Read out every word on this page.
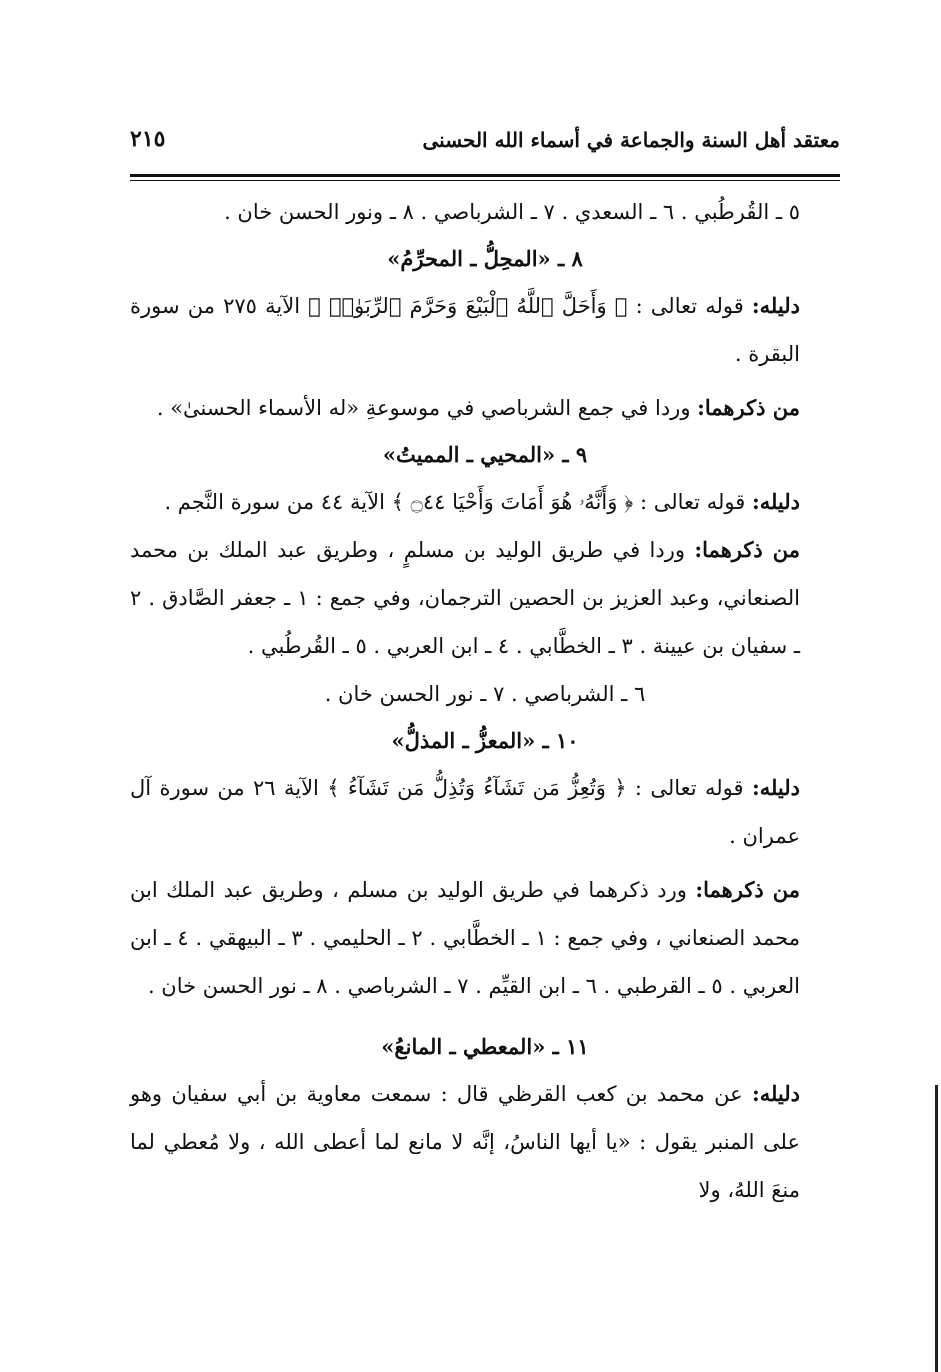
معتقد أهل السنة والجماعة في أسماء الله الحسنى
٢١٥

٥ ـ القُرطُبي . ٦ ـ السعدي . ٧ ـ الشرباصي . ٨ ـ ونور الحسن خان .

٨ ـ «المحِلُّ ـ المحرِّمُ»

دليله: قوله تعالى : ﴿ وَأَحَلَّ ٱللَّهُ ٱلْبَيْعَ وَحَرَّمَ ٱلرِّبَوٰا۟ ﴾ الآية ٢٧٥ من سورة البقرة .

من ذكرهما: وردا في جمع الشرباصي في موسوعةِ «له الأسماء الحسنىٰ» .

٩ ـ «المحيي ـ المميتُ»

دليله: قوله تعالى : ﴿ وَأَنَّهُۥ هُوَ أَمَاتَ وَأَحْيَا ۝٤٤ ﴾ الآية ٤٤ من سورة النَّجم .

من ذكرهما: وردا في طريق الوليد بن مسلمٍ ، وطريق عبد الملك بن محمد الصنعاني، وعبد العزيز بن الحصين الترجمان، وفي جمع : ١ ـ جعفر الصَّادق . ٢ ـ سفيان بن عيينة . ٣ ـ الخطَّابي . ٤ ـ ابن العربي . ٥ ـ القُرطُبي .

٦ ـ الشرباصي . ٧ ـ نور الحسن خان .

١٠ ـ «المعزُّ ـ المذلُّ»

دليله: قوله تعالى : ﴿ وَتُعِزُّ مَن تَشَآءُ وَتُذِلُّ مَن تَشَآءُ ﴾ الآية ٢٦ من سورة آل عمران .

من ذكرهما: ورد ذكرهما في طريق الوليد بن مسلم ، وطريق عبد الملك ابن محمد الصنعاني ، وفي جمع : ١ ـ الخطَّابي . ٢ ـ الحليمي . ٣ ـ البيهقي . ٤ ـ ابن العربي . ٥ ـ القرطبي . ٦ ـ ابن القيِّم . ٧ ـ الشرباصي . ٨ ـ نور الحسن خان .

١١ ـ «المعطي ـ المانعُ»

دليله: عن محمد بن كعب القرظي قال : سمعت معاوية بن أبي سفيان وهو على المنبر يقول : «يا أيها الناسُ، إنَّه لا مانع لما أعطى الله ، ولا مُعطي لما منعَ اللهُ، ولا
